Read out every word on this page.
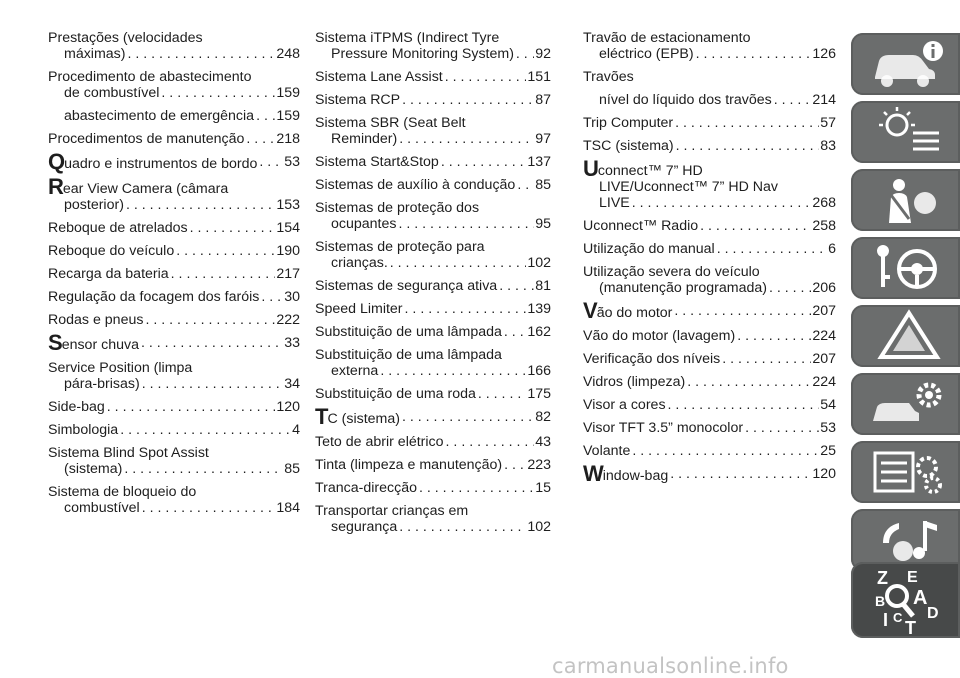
Prestações (velocidades
máximas) . . .	248
Procedimento de abastecimento
de combustível . . .	159
abastecimento de emergência . . . 159
Procedimentos de manutenção . . . 218
Quadro e instrumentos de bordo . . . 53
Rear View Camera (câmara
posterior) . . .	153
Reboque de atrelados . . .	154
Reboque do veículo . . .	190
Recarga da bateria . . .	217
Regulação da focagem dos faróis . . . 30
Rodas e pneus . . .	222
Sensor chuva . . .	33
Service Position (limpa
pára-brisas) . . .	34
Side-bag . . .	120
Simbologia . . .	4
Sistema Blind Spot Assist
(sistema) . . .	85
Sistema de bloqueio do
combustível . . .	184
Sistema iTPMS (Indirect Tyre
Pressure Monitoring System) . . . 92
Sistema Lane Assist . . .	151
Sistema RCP . . .	87
Sistema SBR (Seat Belt
Reminder) . . .	97
Sistema Start&Stop . . .	137
Sistemas de auxílio à condução . . . 85
Sistemas de proteção dos
ocupantes . . .	95
Sistemas de proteção para
crianças. . . .	102
Sistemas de segurança ativa . . .	81
Speed Limiter . . .	139
Substituição de uma lâmpada . . . 162
Substituição de uma lâmpada
externa . . .	166
Substituição de uma roda . . .	175
TC (sistema) . . .	82
Teto de abrir elétrico . . .	43
Tinta (limpeza e manutenção) . . . 223
Tranca-direcção . . .	15
Transportar crianças em
segurança . . .	102
Travão de estacionamento
eléctrico (EPB) . . .	126
Travões
nível do líquido dos travões . . .	214
Trip Computer . . .	57
TSC (sistema) . . .	83
Uconnect™ 7” HD
LIVE/Uconnect™ 7” HD Nav
LIVE . . .	268
Uconnect™ Radio . . .	258
Utilização do manual . . .	6
Utilização severa do veículo
(manutenção programada) . . .	206
Vão do motor . . .	207
Vão do motor (lavagem) . . .	224
Verificação dos níveis . . .	207
Vidros (limpeza) . . .	224
Visor a cores . . .	54
Visor TFT 3.5” monocolor . . .	53
Volante . . .	25
Window-bag . . .	120
Z E
B A
I C D
T
carmanualsonline.info
